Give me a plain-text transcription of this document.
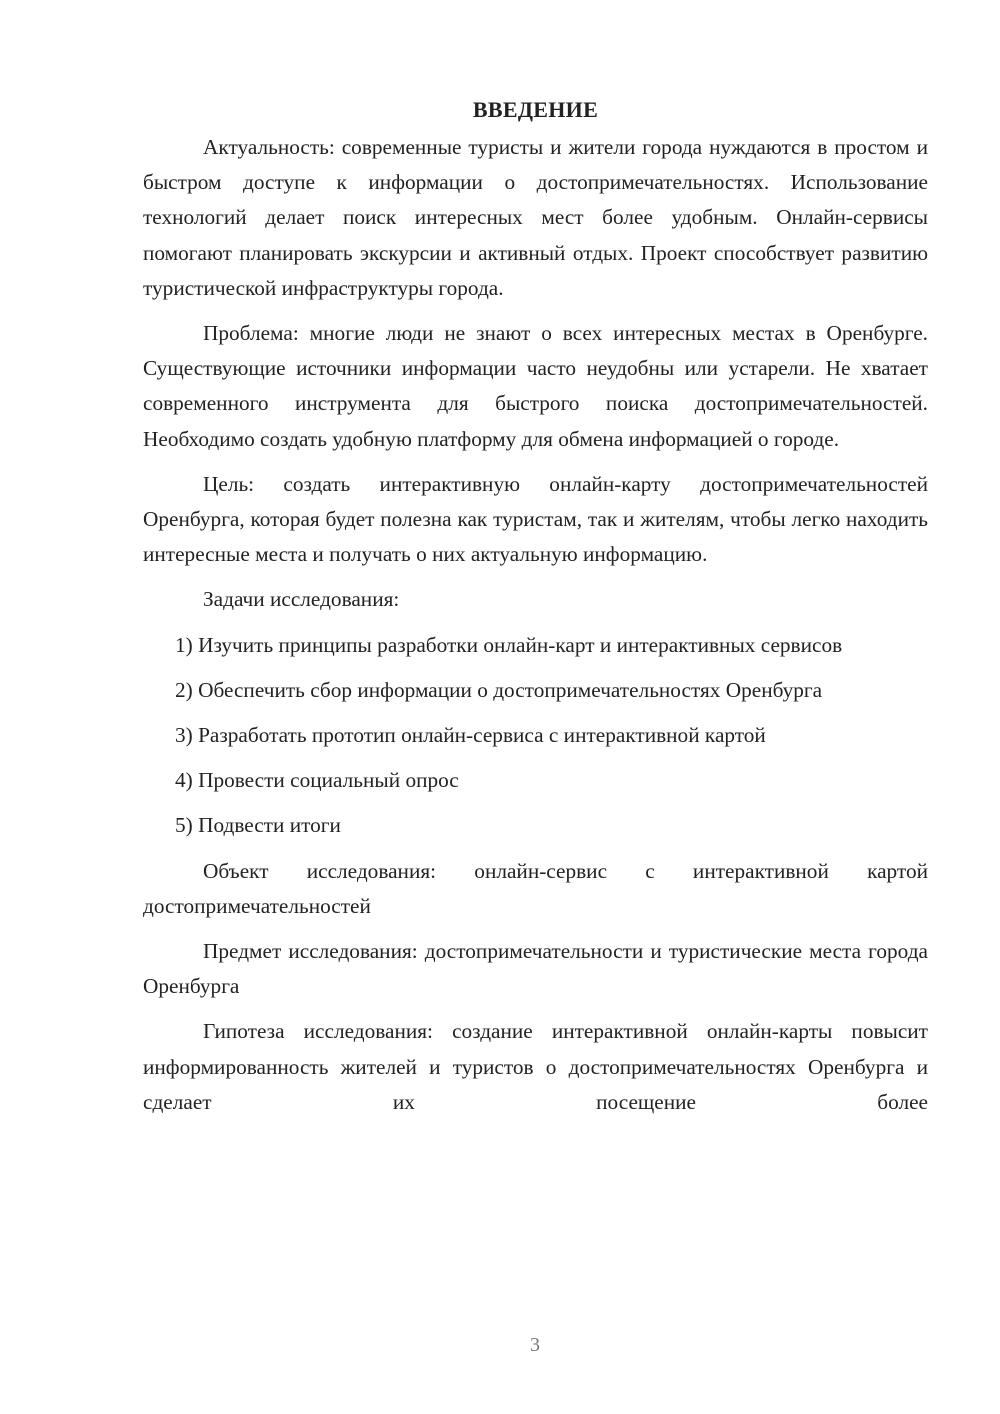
ВВЕДЕНИЕ

Актуальность: современные туристы и жители города нуждаются в простом и быстром доступе к информации о достопримечательностях. Использование технологий делает поиск интересных мест более удобным. Онлайн-сервисы помогают планировать экскурсии и активный отдых. Проект способствует развитию туристической инфраструктуры города.

Проблема: многие люди не знают о всех интересных местах в Оренбурге. Существующие источники информации часто неудобны или устарели. Не хватает современного инструмента для быстрого поиска достопримечательностей. Необходимо создать удобную платформу для обмена информацией о городе.

Цель: создать интерактивную онлайн-карту достопримечательностей Оренбурга, которая будет полезна как туристам, так и жителям, чтобы легко находить интересные места и получать о них актуальную информацию.

Задачи исследования:

1) Изучить принципы разработки онлайн-карт и интерактивных сервисов

2) Обеспечить сбор информации о достопримечательностях Оренбурга

3) Разработать прототип онлайн-сервиса с интерактивной картой

4) Провести социальный опрос

5) Подвести итоги

Объект исследования: онлайн-сервис с интерактивной картой достопримечательностей

Предмет исследования: достопримечательности и туристические места города Оренбурга

Гипотеза исследования: создание интерактивной онлайн-карты повысит информированность жителей и туристов о достопримечательностях Оренбурга и сделает их посещение более

3
